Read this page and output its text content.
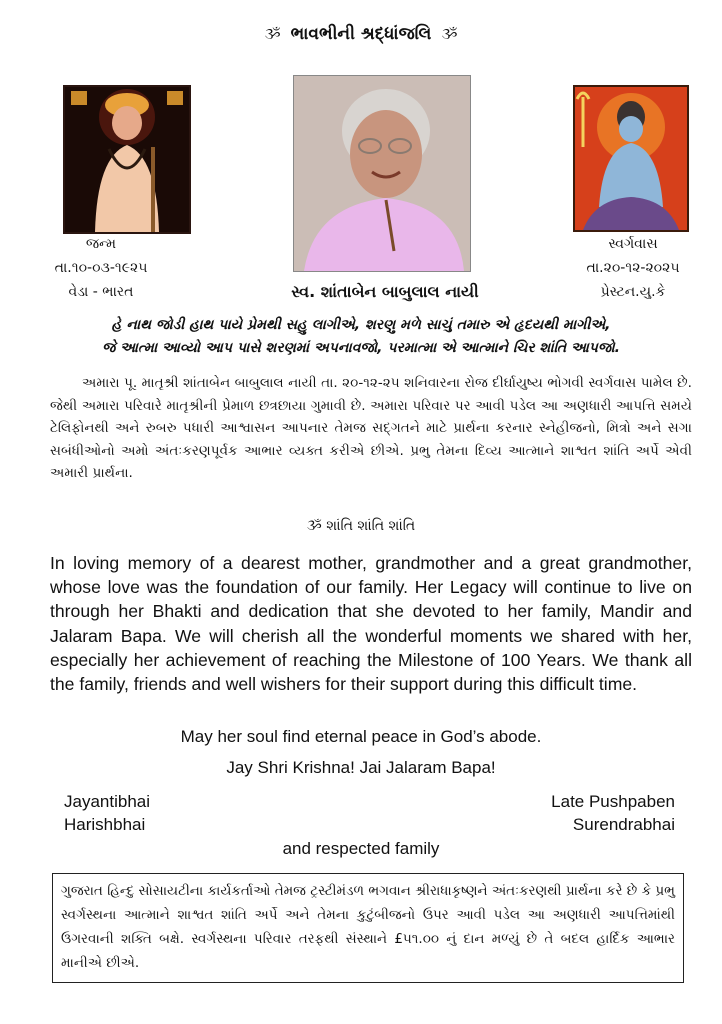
ૐ ભાવભીની શ્રદ્ધાંજલિ ૐ
જન્મ
તા.૧૦-૦૩-૧૯૨૫
વેડા - ભારત
સ્વર્ગવાસ
તા.૨૦-૧૨-૨૦૨૫
પ્રેસ્ટન.યુ.કે
સ્વ. શાંતાબેન બાબુલાલ નાયી
હે નાથ જોડી હાથ પાયે પ્રેમથી સહુ લાગીએ, શરણુ મળે સાચું તમારુ એ હૃદયથી માગીએ,
જે આત્મા આવ્યો આપ પાસે શરણમાં અપનાવજો, પરમાત્મા એ આત્માને ચિર શાંતિ આપજો.
અમારા પૂ. માતૃશ્રી શાંતાબેન બાબુલાલ નાયી તા. ૨૦-૧૨-૨૫ શનિવારના રોજ દીર્ઘાયુષ્ય ભોગવી સ્વર્ગવાસ પામેલ છે. જેથી અમારા પરિવારે માતૃશ્રીની પ્રેમાળ છત્રછાયા ગુમાવી છે. અમારા પરિવાર પર આવી પડેલ આ અણધારી આપત્તિ સમયે ટેલિફોનથી અને રુબરુ પધારી આશ્વાસન આપનાર તેમજ સદ્ગતને માટે પ્રાર્થના કરનાર સ્નેહીજનો, મિત્રો અને સગા સબંધીઓનો અમો અંતઃકરણપૂર્વક આભાર વ્યક્ત કરીએ છીએ. પ્રભુ તેમના દિવ્ય આત્માને શાશ્વત શાંતિ અર્પે એવી અમારી પ્રાર્થના.
ૐ શાંતિ શાંતિ શાંતિ
In loving memory of a dearest mother, grandmother and a great grandmother, whose love was the foundation of our family. Her Legacy will continue to live on through her Bhakti and dedication that she devoted to her family, Mandir and Jalaram Bapa. We will cherish all the wonderful moments we shared with her, especially her achievement of reaching the Milestone of 100 Years. We thank all the family, friends and well wishers for their support during this difficult time.
May her soul find eternal peace in God’s abode.
Jay Shri Krishna! Jai Jalaram Bapa!
Jayantibhai
Harishbhai
Late Pushpaben
Surendrabhai
and respected family
ગુજરાત હિન્દુ સોસાયટીના કાર્યકર્તાઓ તેમજ ટ્રસ્ટીમંડળ ભગવાન શ્રીરાધાકૃષ્ણને અંતઃકરણથી પ્રાર્થના કરે છે કે પ્રભુ સ્વર્ગસ્થના આત્માને શાશ્વત શાંતિ અર્પે અને તેમના કુટુંબીજનો ઉપર આવી પડેલ આ અણધારી આપત્તિમાંથી ઉગરવાની શક્તિ બક્ષે. સ્વર્ગસ્થના પરિવાર તરફથી સંસ્થાને £૫૧.૦૦ નું દાન મળ્યું છે તે બદલ હાર્દિક આભાર માનીએ છીએ.
